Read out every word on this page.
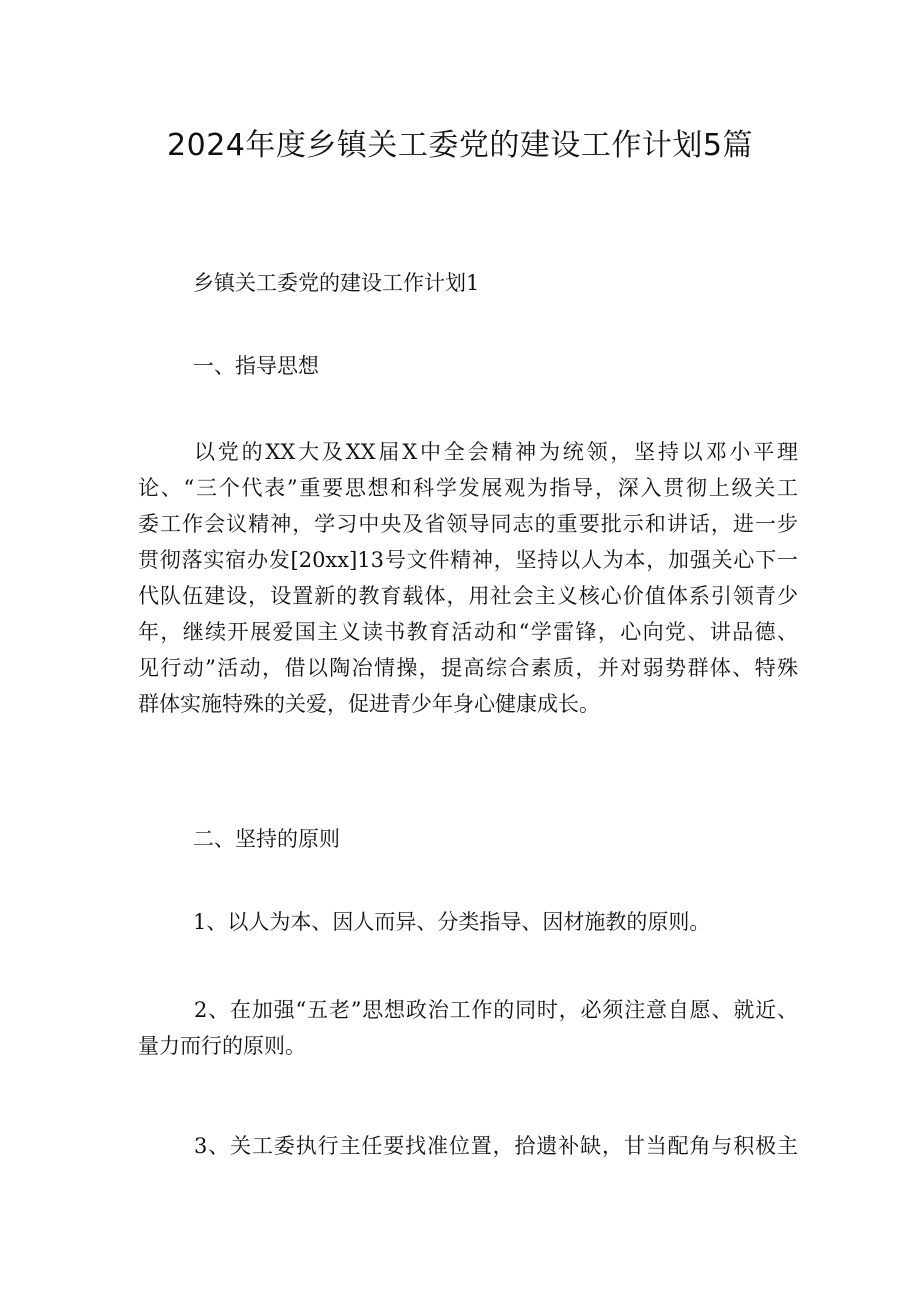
2024年度乡镇关工委党的建设工作计划5篇

乡镇关工委党的建设工作计划1

一、指导思想

以党的XX大及XX届X中全会精神为统领，坚持以邓小平理
论、“三个代表”重要思想和科学发展观为指导，深入贯彻上级关工
委工作会议精神，学习中央及省领导同志的重要批示和讲话，进一步
贯彻落实宿办发[20xx]13号文件精神，坚持以人为本，加强关心下一
代队伍建设，设置新的教育载体，用社会主义核心价值体系引领青少
年，继续开展爱国主义读书教育活动和“学雷锋，心向党、讲品德、
见行动”活动，借以陶冶情操，提高综合素质，并对弱势群体、特殊
群体实施特殊的关爱，促进青少年身心健康成长。

二、坚持的原则

1、以人为本、因人而异、分类指导、因材施教的原则。

2、在加强“五老”思想政治工作的同时，必须注意自愿、就近、
量力而行的原则。
3、关工委执行主任要找准位置，拾遗补缺，甘当配角与积极主
